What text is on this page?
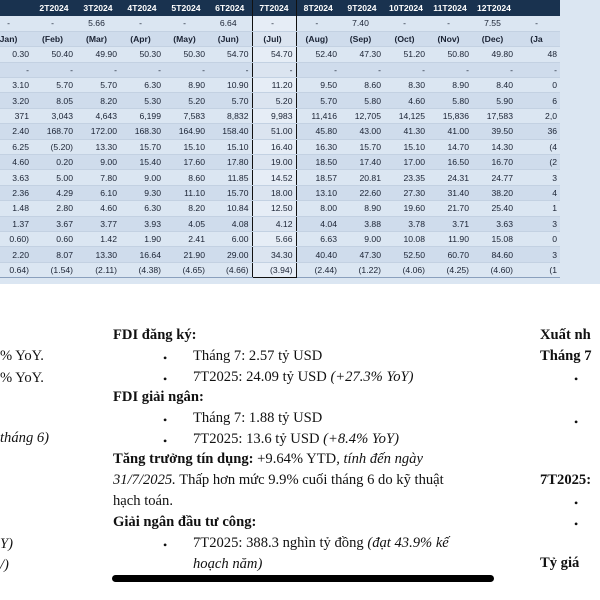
	2T2024	3T2024	4T2024	5T2024	6T2024	7T2024	8T2024	9T2024	10T2024	11T2024	12T2024	
-	-	5.66	-	-	6.64	-	-	7.40	-	-	7.55	-
Jan)	(Feb)	(Mar)	(Apr)	(May)	(Jun)	(Jul)	(Aug)	(Sep)	(Oct)	(Nov)	(Dec)	(Ja
0.30	50.40	49.90	50.30	50.30	54.70	54.70	52.40	47.30	51.20	50.80	49.80	48
-	-	-	-	-	-	-	-	-	-	-	-	-
3.10	5.70	5.70	6.30	8.90	10.90	11.20	9.50	8.60	8.30	8.90	8.40	0
3.20	8.05	8.20	5.30	5.20	5.70	5.20	5.70	5.80	4.60	5.80	5.90	6
371	3,043	4,643	6,199	7,583	8,832	9,983	11,416	12,705	14,125	15,836	17,583	2,0
2.40	168.70	172.00	168.30	164.90	158.40	51.00	45.80	43.00	41.30	41.00	39.50	36
6.25	(5.20)	13.30	15.70	15.10	15.10	16.40	16.30	15.70	15.10	14.70	14.30	(4
4.60	0.20	9.00	15.40	17.60	17.80	19.00	18.50	17.40	17.00	16.50	16.70	(2
3.63	5.00	7.80	9.00	8.60	11.85	14.52	18.57	20.81	23.35	24.31	24.77	3
2.36	4.29	6.10	9.30	11.10	15.70	18.00	13.10	22.60	27.30	31.40	38.20	4
1.48	2.80	4.60	6.30	8.20	10.84	12.50	8.00	8.90	19.60	21.70	25.40	1
1.37	3.67	3.77	3.93	4.05	4.08	4.12	4.04	3.88	3.78	3.71	3.63	3
0.60)	0.60	1.42	1.90	2.41	6.00	5.66	6.63	9.00	10.08	11.90	15.08	0
2.20	8.07	13.30	16.64	21.90	29.00	34.30	40.40	47.30	52.50	60.70	84.60	3
0.64)	(1.54)	(2.11)	(4.38)	(4.65)	(4.66)	(3.94)	(2.44)	(1.22)	(4.06)	(4.25)	(4.60)	(1
% YoY.
% YoY.
tháng 6)
Y)
/)
FDI đăng ký:
• Tháng 7: 2.57 tỷ USD
• 7T2025: 24.09 tỷ USD (+27.3% YoY)
FDI giải ngân:
• Tháng 7: 1.88 tỷ USD
• 7T2025: 13.6 tỷ USD (+8.4% YoY)
Tăng trưởng tín dụng: +9.64% YTD, tính đến ngày
31/7/2025. Thấp hơn mức 9.9% cuối tháng 6 do kỹ thuật
hạch toán.
Giải ngân đầu tư công:
• 7T2025: 388.3 nghìn tỷ đồng (đạt 43.9% kế
hoạch năm)
Xuất nh
Tháng 7
•
•
7T2025:
•
•
Tỷ giá
